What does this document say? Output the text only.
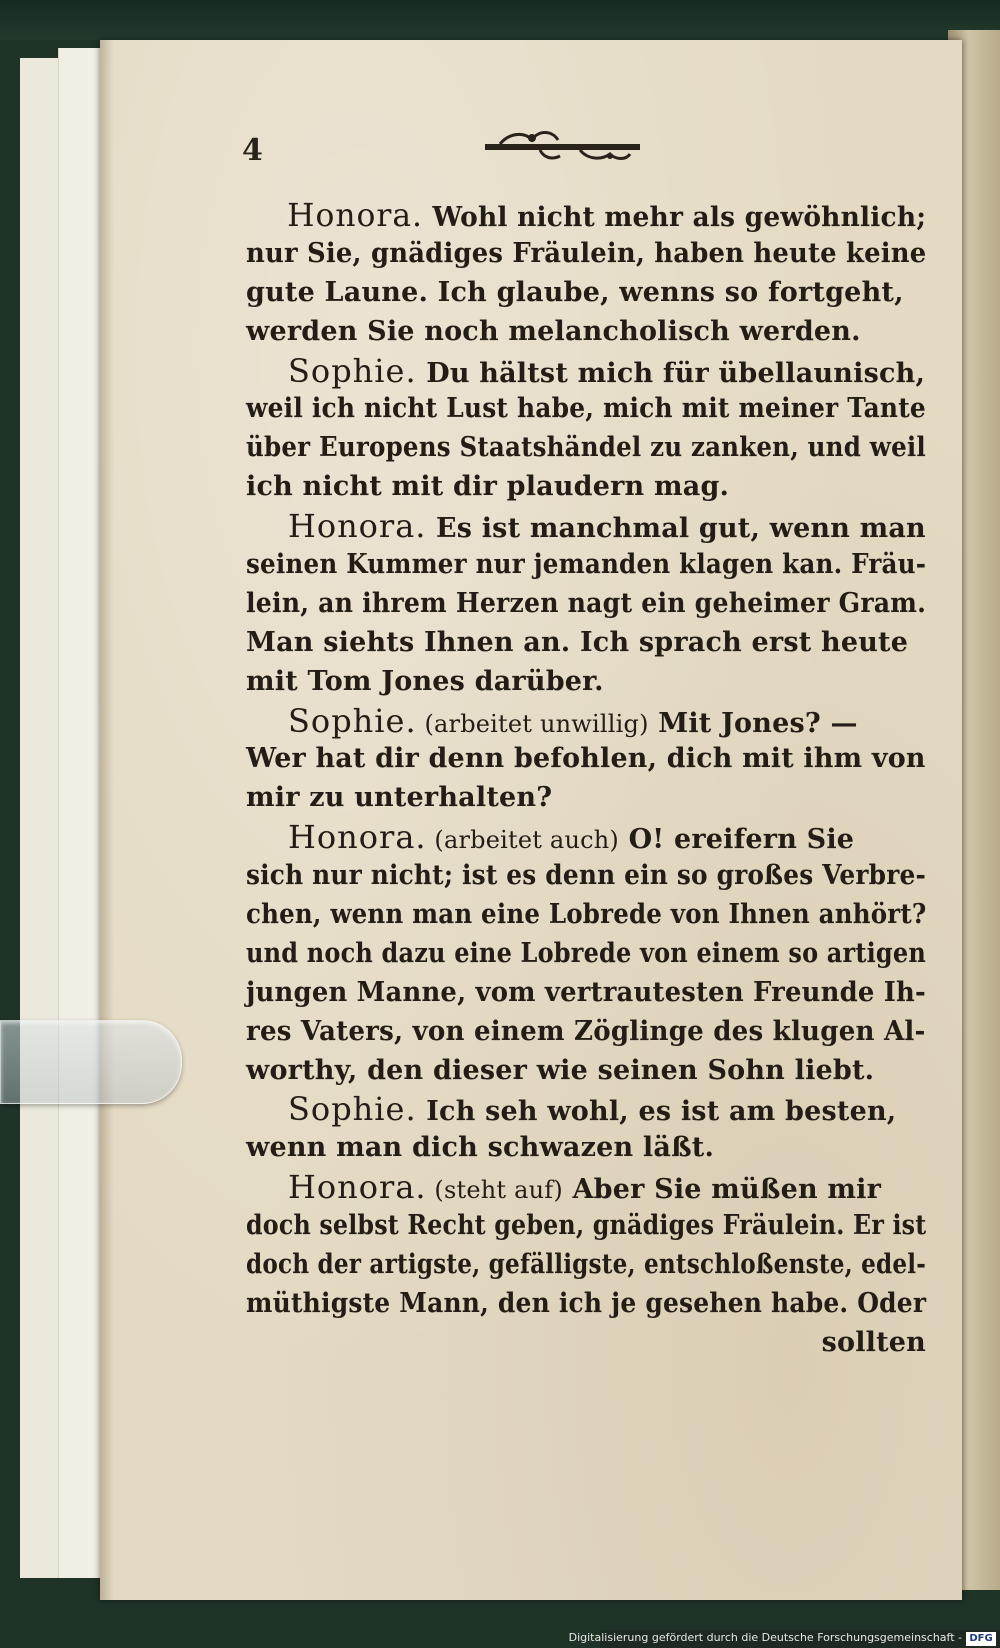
4
Honora. Wohl nicht mehr als gewöhnlich;
nur Sie, gnädiges Fräulein, haben heute keine
gute Laune. Ich glaube, wenns so fortgeht,
werden Sie noch melancholisch werden.
Sophie. Du hältst mich für übellaunisch,
weil ich nicht Lust habe, mich mit meiner Tante
über Europens Staatshändel zu zanken, und weil
ich nicht mit dir plaudern mag.
Honora. Es ist manchmal gut, wenn man
seinen Kummer nur jemanden klagen kan. Fräu-
lein, an ihrem Herzen nagt ein geheimer Gram.
Man siehts Ihnen an. Ich sprach erst heute
mit Tom Jones darüber.
Sophie. (arbeitet unwillig) Mit Jones? —
Wer hat dir denn befohlen, dich mit ihm von
mir zu unterhalten?
Honora. (arbeitet auch) O! ereifern Sie
sich nur nicht; ist es denn ein so großes Verbre-
chen, wenn man eine Lobrede von Ihnen anhört?
und noch dazu eine Lobrede von einem so artigen
jungen Manne, vom vertrautesten Freunde Ih-
res Vaters, von einem Zöglinge des klugen Al-
worthy, den dieser wie seinen Sohn liebt.
Sophie. Ich seh wohl, es ist am besten,
wenn man dich schwazen läßt.
Honora. (steht auf) Aber Sie müßen mir
doch selbst Recht geben, gnädiges Fräulein. Er ist
doch der artigste, gefälligste, entschloßenste, edel-
müthigste Mann, den ich je gesehen habe. Oder
sollten
Digitalisierung gefördert durch die Deutsche Forschungsgemeinschaft - DFG
